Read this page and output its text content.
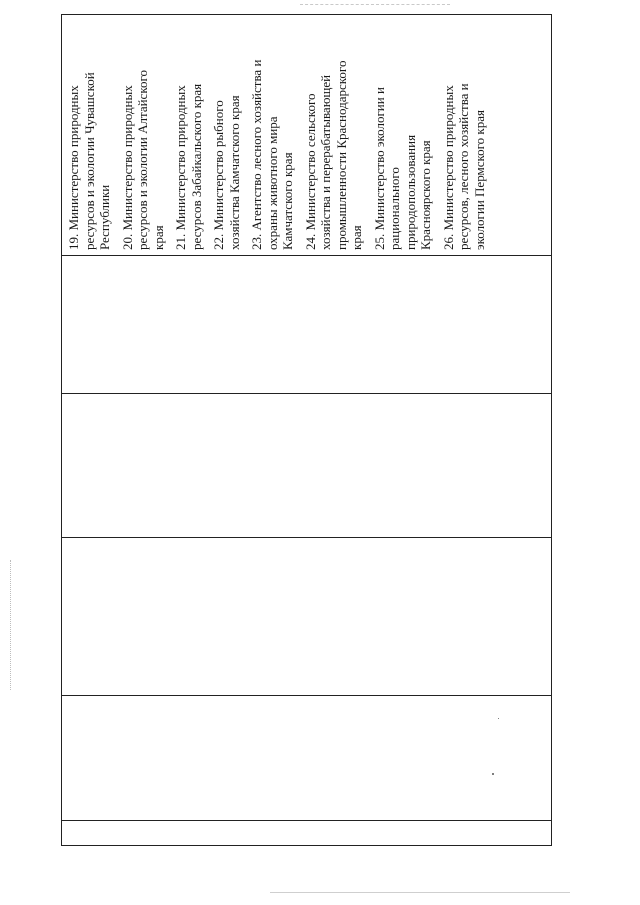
19. Министерство природных ресурсов и экологии Чувашской Республики 20. Министерство природных ресурсов и экологии Алтайского края 21. Министерство природных ресурсов Забайкальского края 22. Министерство рыбного хозяйства Камчатского края 23. Агентство лесного хозяйства и охраны животного мира Камчатского края 24. Министерство сельского хозяйства и перерабатывающей промышленности Краснодарского края 25. Министерство экологии и рационального природопользования Красноярского края 26. Министерство природных ресурсов, лесного хозяйства и экологии Пермского края
